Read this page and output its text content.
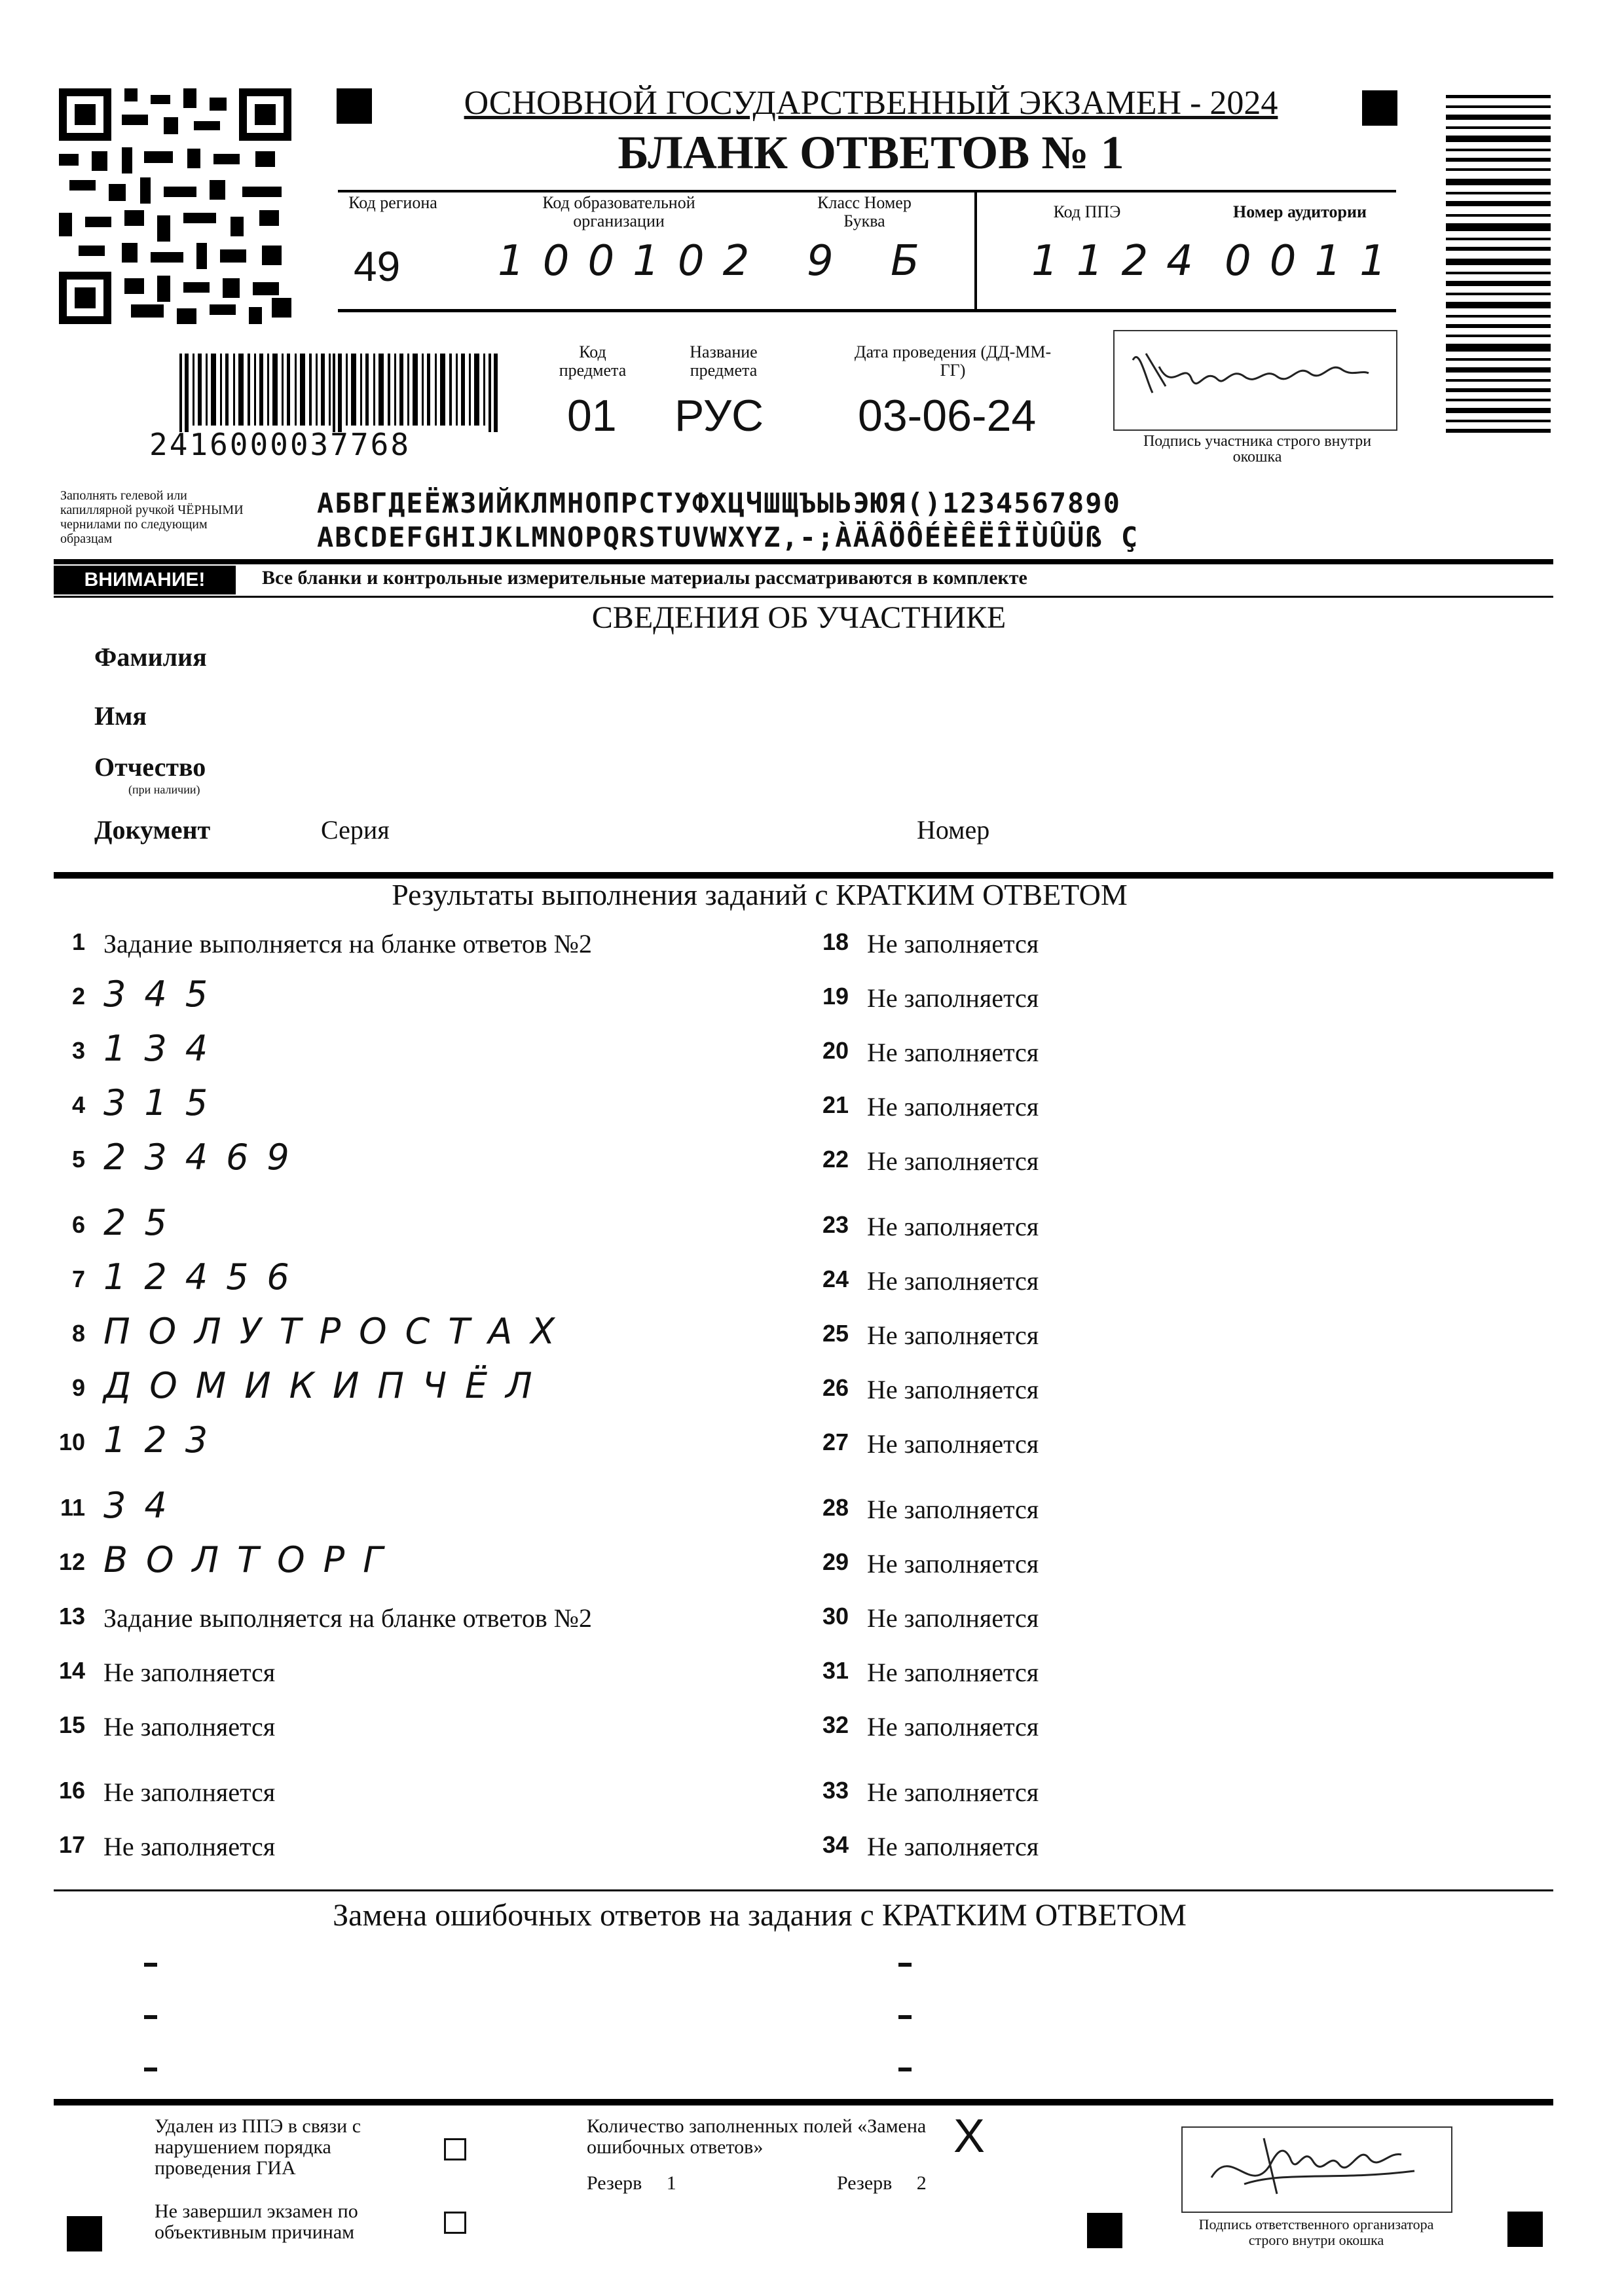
ОСНОВНОЙ ГОСУДАРСТВЕННЫЙ ЭКЗАМЕН - 2024
БЛАНК ОТВЕТОВ № 1
Код региона
49
Код образовательной организации
100102
Класс Номер Буква
9 Б
Код ППЭ
1124
Номер аудитории
0011
2416000037768
Код предмета
01
Название предмета
РУС
Дата проведения (ДД-ММ-ГГ)
03-06-24
Подпись участника строго внутри окошка
Заполнять гелевой или капиллярной ручкой ЧЁРНЫМИ чернилами по следующим образцам
АБВГДЕЁЖЗИЙКЛМНОПРСТУФХЦЧШЩЪЫЬЭЮЯ()1234567890
ABCDEFGHIJKLMNOPQRSTUVWXYZ,-;ÀÄÂÖÔÉÈÊËÎÏÙÛÜß Ç
ВНИМАНИЕ!	Все бланки и контрольные измерительные материалы рассматриваются в комплекте
СВЕДЕНИЯ ОБ УЧАСТНИКЕ
Фамилия
Имя
Отчество
(при наличии)
Документ	Серия	Номер
Результаты выполнения заданий с КРАТКИМ ОТВЕТОМ
1 Задание выполняется на бланке ответов №2
2 345
3 134
4 315
5 23469
6 25
7 12456
8 ПОЛУТРОСТАХ
9 ДОМИКИПЧЁЛ
10 123
11 34
12 ВОЛТОРГ
13 Задание выполняется на бланке ответов №2
14 Не заполняется
15 Не заполняется
16 Не заполняется
17 Не заполняется
18 Не заполняется
19 Не заполняется
20 Не заполняется
21 Не заполняется
22 Не заполняется
23 Не заполняется
24 Не заполняется
25 Не заполняется
26 Не заполняется
27 Не заполняется
28 Не заполняется
29 Не заполняется
30 Не заполняется
31 Не заполняется
32 Не заполняется
33 Не заполняется
34 Не заполняется
Замена ошибочных ответов на задания с КРАТКИМ ОТВЕТОМ
Удален из ППЭ в связи с нарушением порядка проведения ГИА
Не завершил экзамен по объективным причинам
Количество заполненных полей «Замена ошибочных ответов»	X
Резерв 1	Резерв 2
Подпись ответственного организатора строго внутри окошка
